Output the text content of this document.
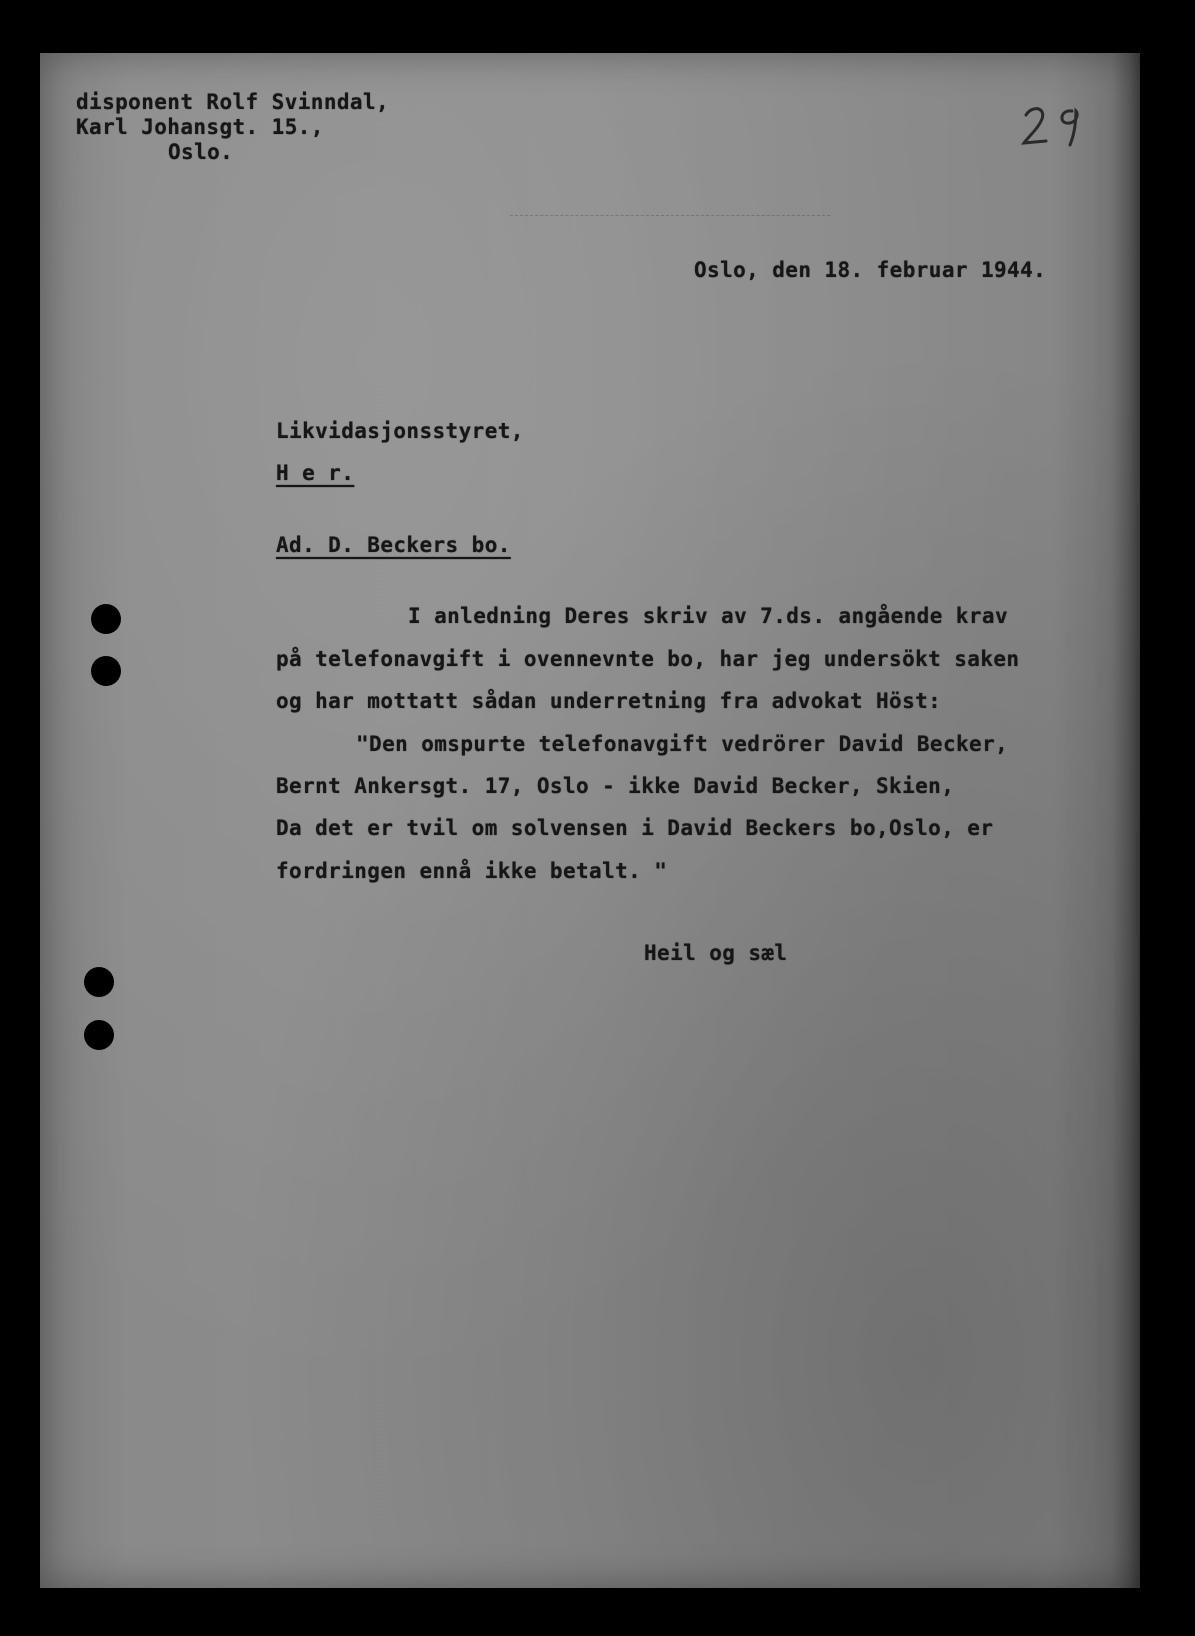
disponent Rolf Svinndal,
Karl Johansgt. 15.,
Oslo.
Oslo, den 18. februar 1944.
Likvidasjonsstyret,
H e r.
Ad. D. Beckers bo.
I anledning Deres skriv av 7.ds. angående krav
på telefonavgift i ovennevnte bo, har jeg undersökt saken
og har mottatt sådan underretning fra advokat Höst:
"Den omspurte telefonavgift vedrörer David Becker,
Bernt Ankersgt. 17, Oslo - ikke David Becker, Skien,
Da det er tvil om solvensen i David Beckers bo,Oslo, er
fordringen ennå ikke betalt. "
Heil og sæl
